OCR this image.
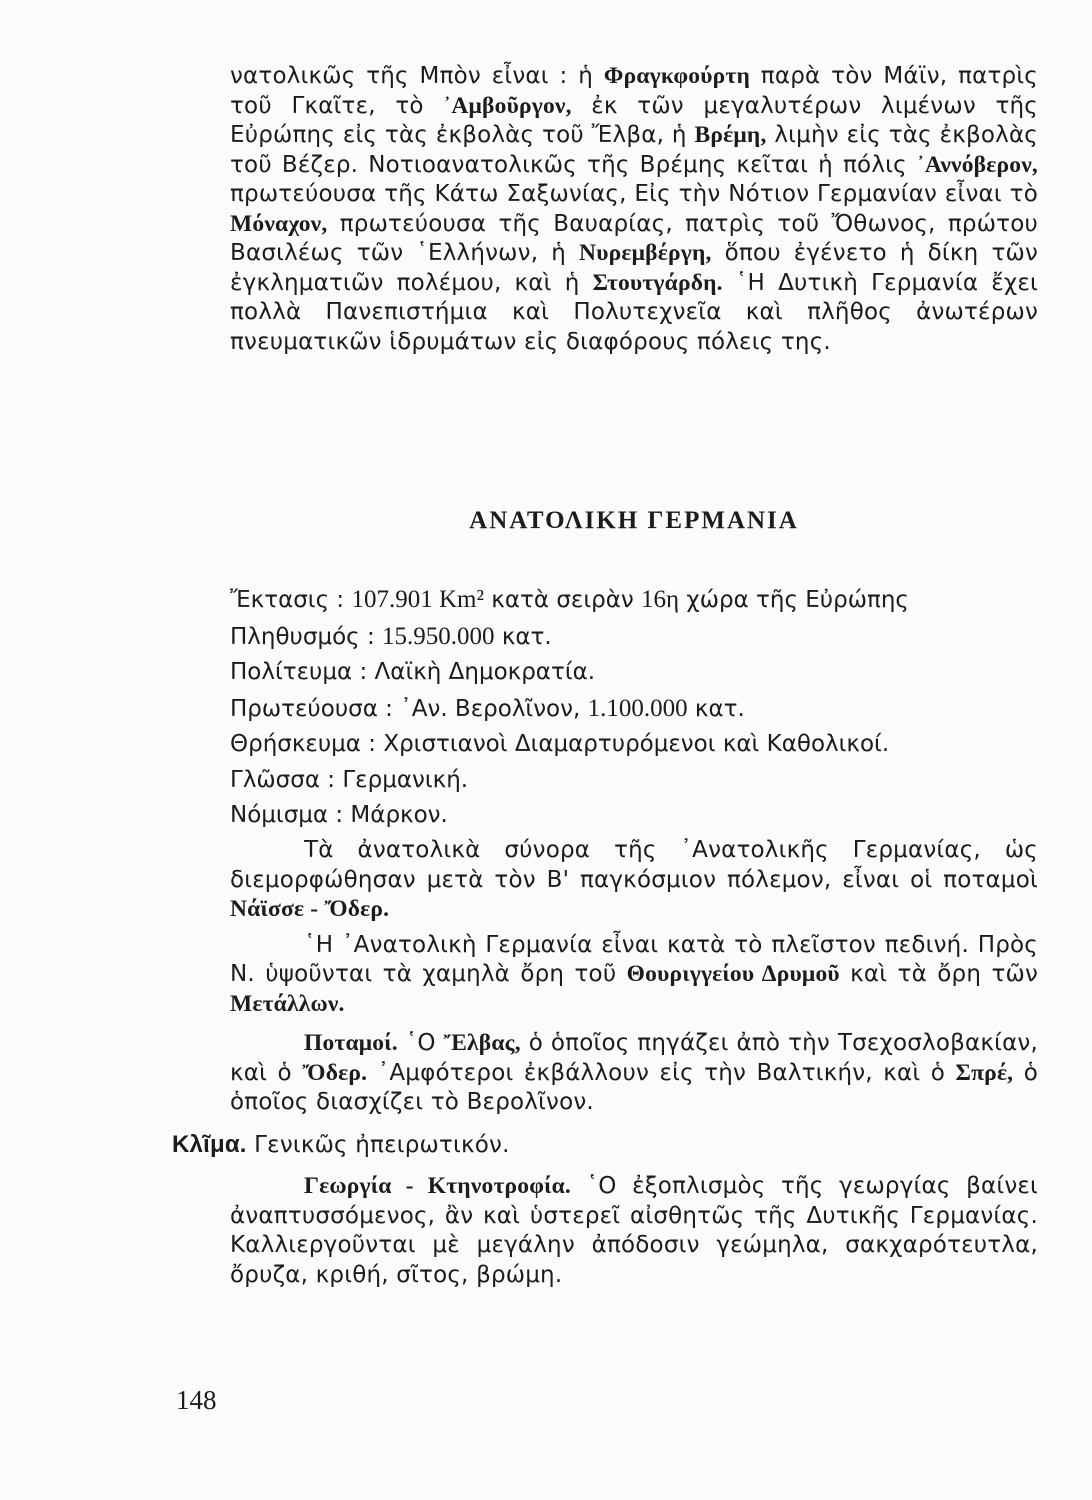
νατολικῶς τῆς Μπὸν εἶναι : ἡ Φραγκφούρτη παρὰ τὸν Μάϊν, πατρὶς τοῦ Γκαῖτε, τὸ ᾿Αμβοῦργον, ἐκ τῶν μεγαλυτέρων λιμένων τῆς Εὐρώπης εἰς τὰς ἐκβολὰς τοῦ Ἔλβα, ἡ Βρέμη, λιμὴν εἰς τὰς ἐκβολὰς τοῦ Βέζερ. Νοτιοανατολικῶς τῆς Βρέμης κεῖται ἡ πόλις ᾿Αννόβερον, πρωτεύουσα τῆς Κάτω Σαξωνίας, Εἰς τὴν Νότιον Γερμανίαν εἶναι τὸ Μόναχον, πρωτεύουσα τῆς Βαυαρίας, πατρὶς τοῦ Ὄθωνος, πρώτου Βασιλέως τῶν ῾Ελλήνων, ἡ Νυρεμβέργη, ὅπου ἐγένετο ἡ δίκη τῶν ἐγκληματιῶν πολέμου, καὶ ἡ Στουτγάρδη. ῾Η Δυτικὴ Γερμανία ἔχει πολλὰ Πανεπιστήμια καὶ Πολυτεχνεῖα καὶ πλῆθος ἀνωτέρων πνευματικῶν ἱδρυμάτων εἰς διαφόρους πόλεις της.

ΑΝΑΤΟΛΙΚΗ ΓΕΡΜΑΝΙΑ
Ἔκτασις : 107.901 Km² κατὰ σειρὰν 16η χώρα τῆς Εὐρώπης
Πληθυσμός : 15.950.000 κατ.
Πολίτευμα : Λαϊκὴ Δημοκρατία.
Πρωτεύουσα : ᾿Αν. Βερολῖνον, 1.100.000 κατ.
Θρήσκευμα : Χριστιανοὶ Διαμαρτυρόμενοι καὶ Καθολικοί.
Γλῶσσα : Γερμανική.
Νόμισμα : Μάρκον.

Τὰ ἀνατολικὰ σύνορα τῆς ᾿Ανατολικῆς Γερμανίας, ὡς διεμορφώθησαν μετὰ τὸν Β' παγκόσμιον πόλεμον, εἶναι οἱ ποταμοὶ Νάϊσσε - Ὄδερ.

῾Η ᾿Ανατολικὴ Γερμανία εἶναι κατὰ τὸ πλεῖστον πεδινή. Πρὸς Ν. ὑψοῦνται τὰ χαμηλὰ ὄρη τοῦ Θουριγγείου Δρυμοῦ καὶ τὰ ὄρη τῶν Μετάλλων.

Ποταμοί. ῾Ο Ἔλβας, ὁ ὁποῖος πηγάζει ἀπὸ τὴν Τσεχοσλοβακίαν, καὶ ὁ Ὄδερ. ᾿Αμφότεροι ἐκβάλλουν εἰς τὴν Βαλτικήν, καὶ ὁ Σπρέ, ὁ ὁποῖος διασχίζει τὸ Βερολῖνον.

Κλῖμα. Γενικῶς ἠπειρωτικόν.

Γεωργία - Κτηνοτροφία. ῾Ο ἐξοπλισμὸς τῆς γεωργίας βαίνει ἀναπτυσσόμενος, ἂν καὶ ὑστερεῖ αἰσθητῶς τῆς Δυτικῆς Γερμανίας. Καλλιεργοῦνται μὲ μεγάλην ἀπόδοσιν γεώμηλα, σακχαρότευτλα, ὄρυζα, κριθή, σῖτος, βρώμη.

148
